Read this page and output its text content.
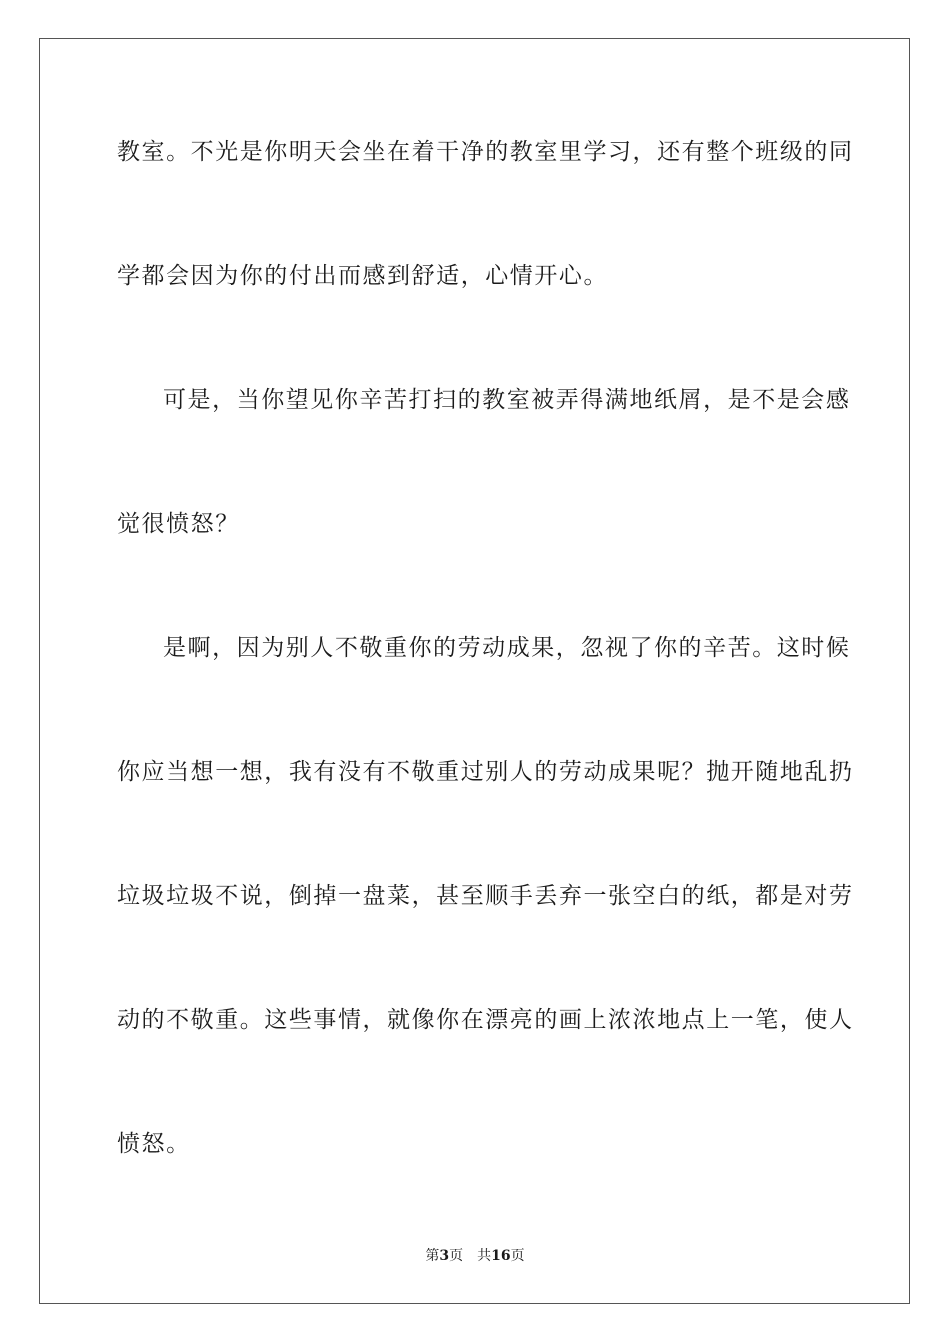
教室。不光是你明天会坐在着干净的教室里学习，还有整个班级的同
学都会因为你的付出而感到舒适，心情开心。
可是，当你望见你辛苦打扫的教室被弄得满地纸屑，是不是会感
觉很愤怒？
是啊，因为别人不敬重你的劳动成果，忽视了你的辛苦。这时候
你应当想一想，我有没有不敬重过别人的劳动成果呢？抛开随地乱扔
垃圾垃圾不说，倒掉一盘菜，甚至顺手丢弃一张空白的纸，都是对劳
动的不敬重。这些事情，就像你在漂亮的画上浓浓地点上一笔，使人
愤怒。
第3页 共16页
